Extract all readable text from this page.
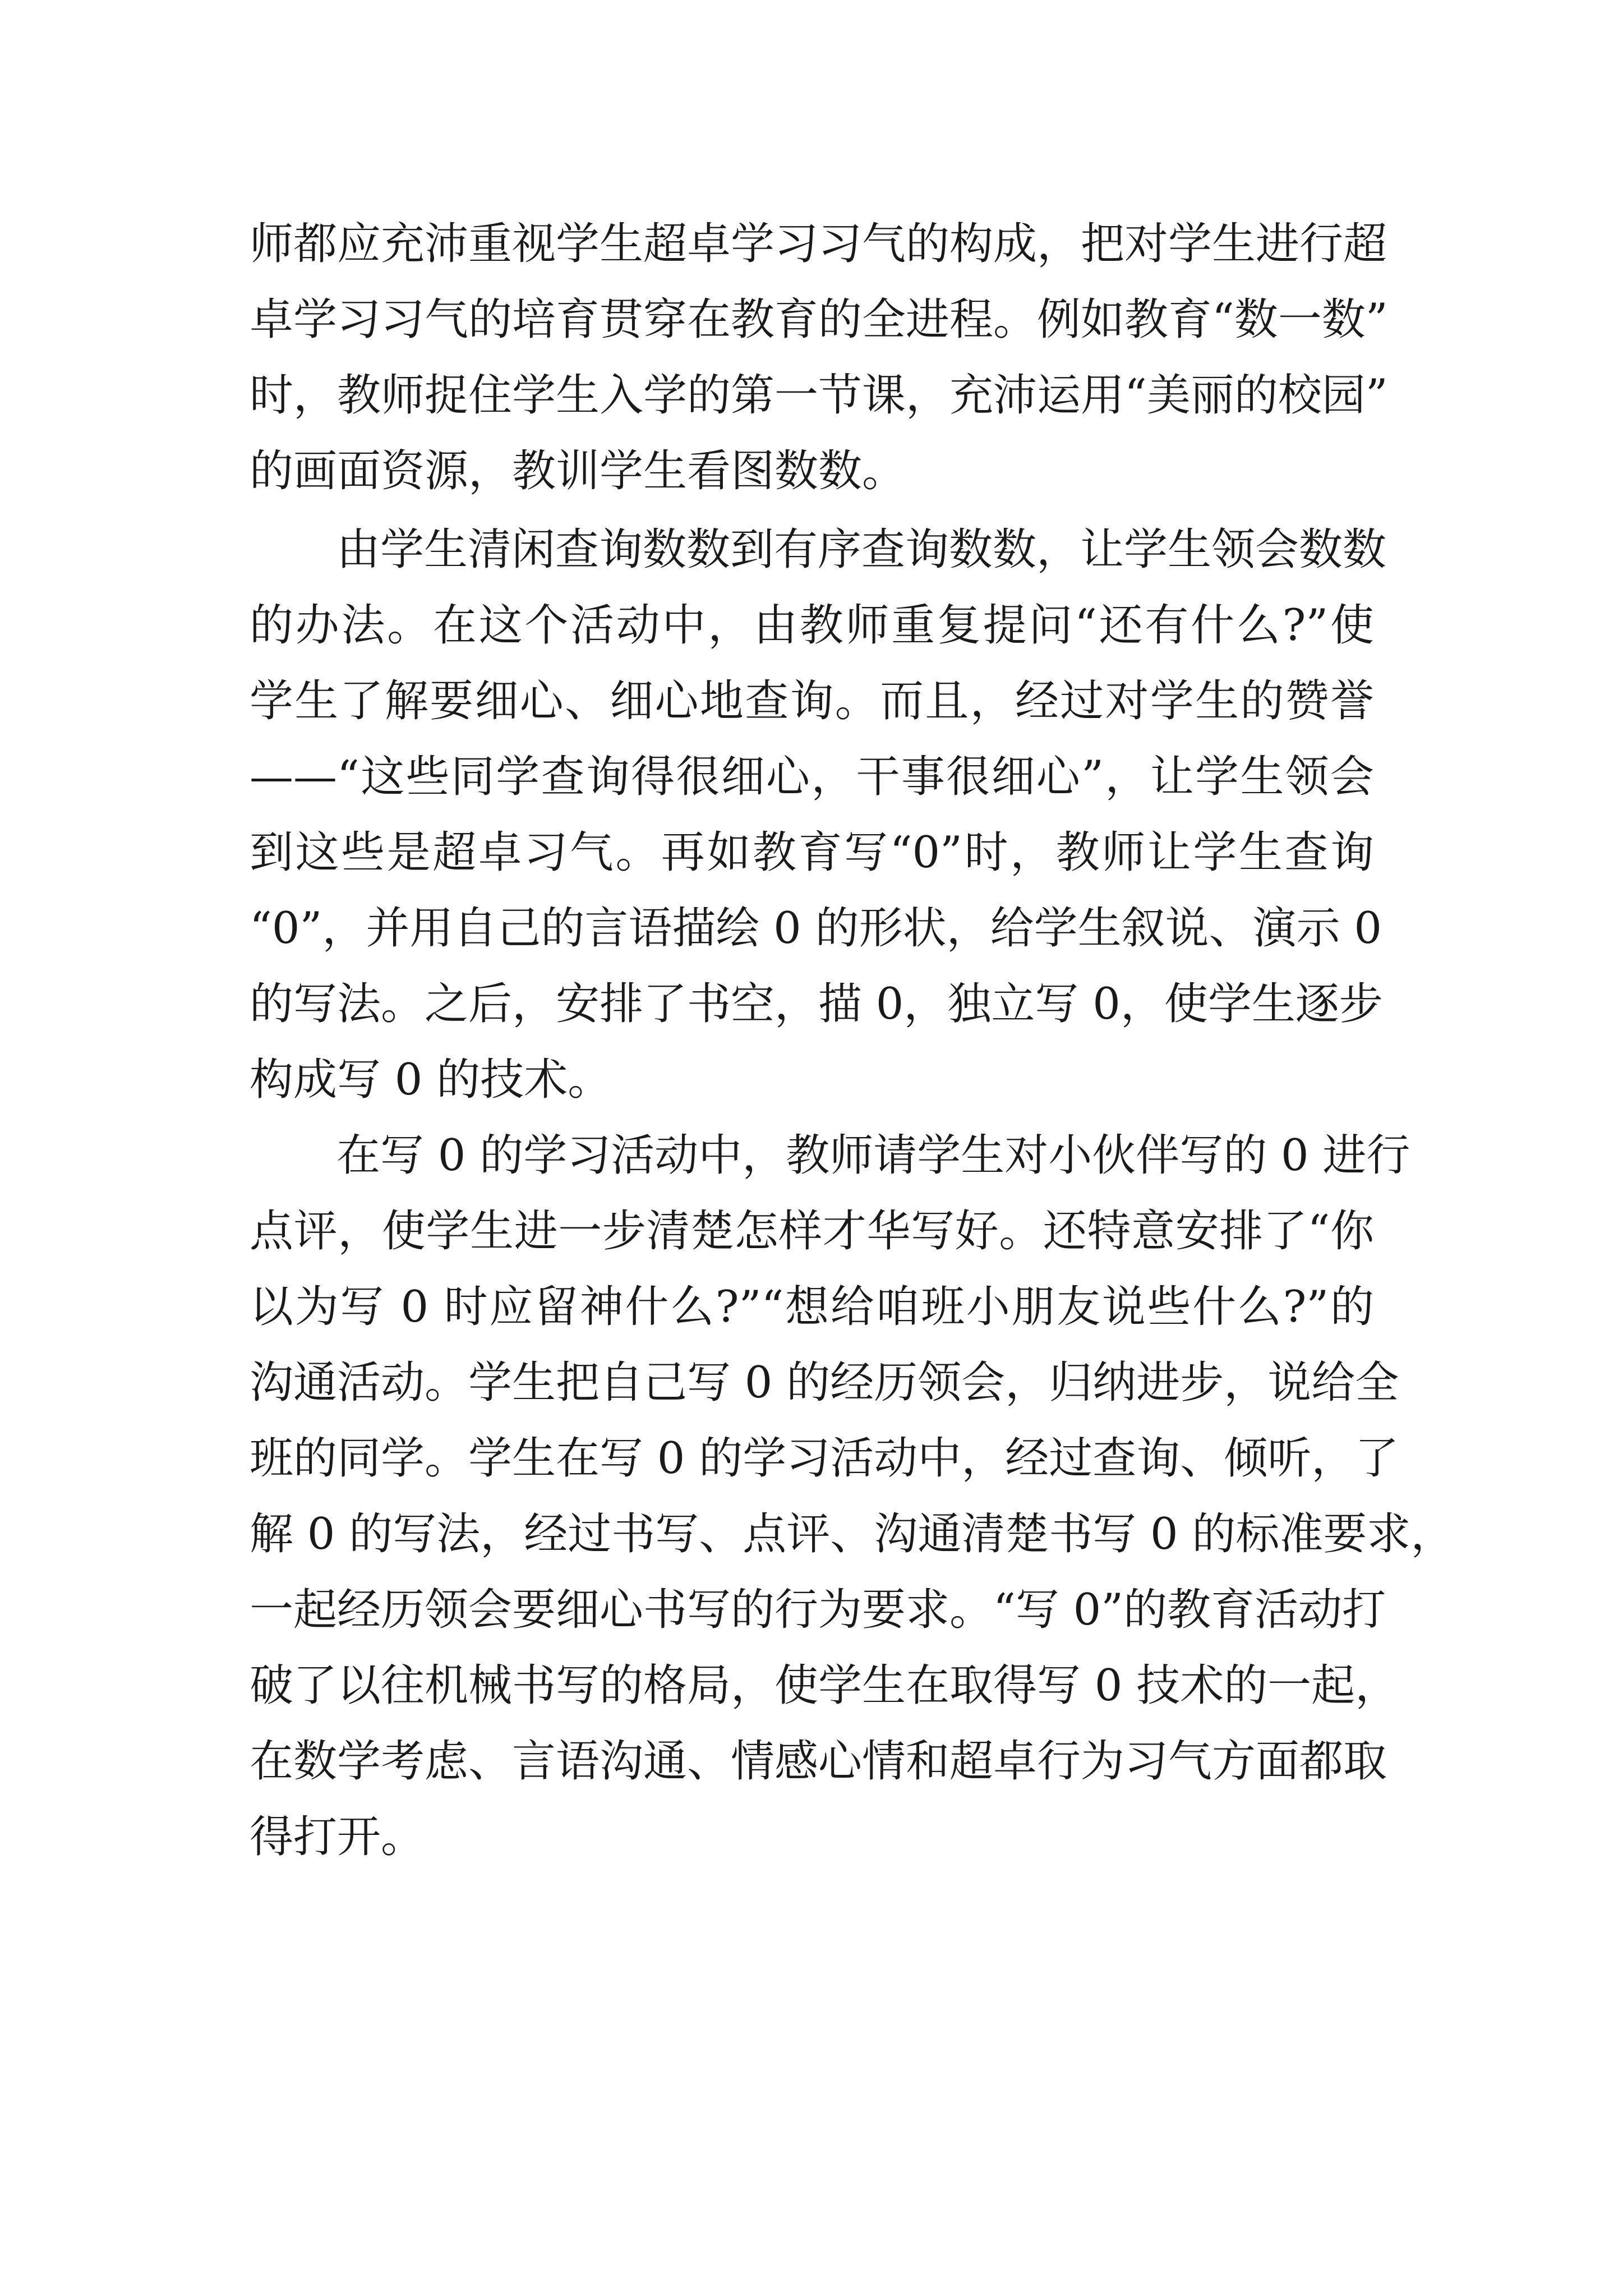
师都应充沛重视学生超卓学习习气的构成，把对学生进行超
卓学习习气的培育贯穿在教育的全进程。例如教育“数一数”
时，教师捉住学生入学的第一节课，充沛运用“美丽的校园”
的画面资源，教训学生看图数数。
由学生清闲查询数数到有序查询数数，让学生领会数数
的办法。在这个活动中，由教师重复提问“还有什么?”使
学生了解要细心、细心地查询。而且，经过对学生的赞誉
——“这些同学查询得很细心，干事很细心”，让学生领会
到这些是超卓习气。再如教育写“0”时，教师让学生查询
“0”，并用自己的言语描绘 0 的形状，给学生叙说、演示 0
的写法。之后，安排了书空，描 0，独立写 0，使学生逐步
构成写 0 的技术。
在写 0 的学习活动中，教师请学生对小伙伴写的 0 进行
点评，使学生进一步清楚怎样才华写好。还特意安排了“你
以为写 0 时应留神什么?”“想给咱班小朋友说些什么?”的
沟通活动。学生把自己写 0 的经历领会，归纳进步，说给全
班的同学。学生在写 0 的学习活动中，经过查询、倾听，了
解 0 的写法，经过书写、点评、沟通清楚书写 0 的标准要求，
一起经历领会要细心书写的行为要求。“写 0”的教育活动打
破了以往机械书写的格局，使学生在取得写 0 技术的一起，
在数学考虑、言语沟通、情感心情和超卓行为习气方面都取
得打开。
